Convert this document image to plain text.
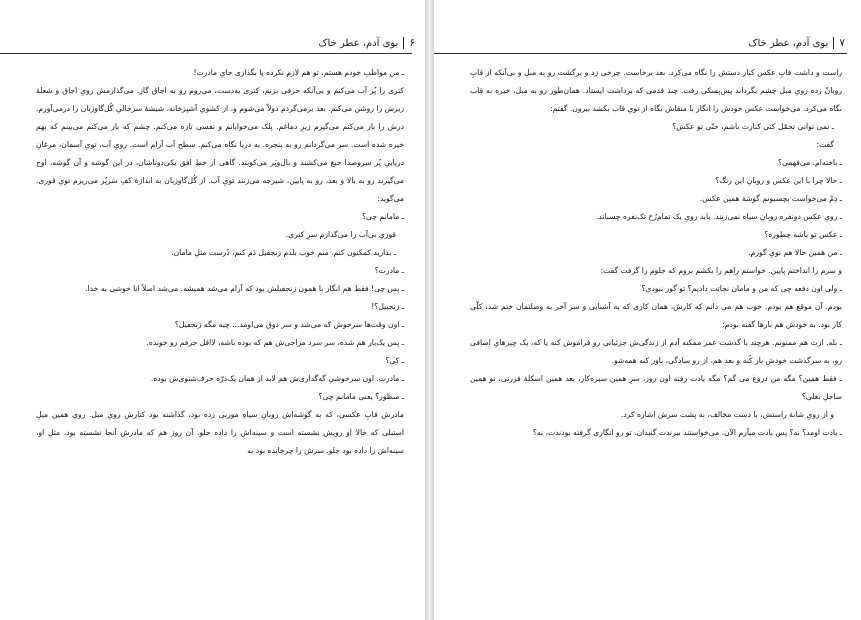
۶
بوی آدم، عطر خاک

ـ من مواظبِ خودم هستم. تو هم لازم نکرده پا بگذاری جایِ مادرت!

کتری را پُر آب می‌کنم و بی‌آنکه حرفی بزنم، کتری به‌دست، می‌روم رو به اجاق گاز. می‌گذارمش رویِ اجاق و شعلهٔ زیرش را روشن می‌کنم. بعد برمی‌گردم دولاّ می‌شوم و، از کشویِ آشپزخانه، شیشهٔ سرخالیِ گُل‌گاوزبان را درمی‌آورم. درش را باز می‌کنم می‌گیرم زیرِ دماغم. پلک می‌خوابانم و نفسی تازه می‌کنم. چشم که باز می‌کنم می‌بینم که بهم خیره شده است. سر می‌گردانم رو به پنجره. به دریا نگاه می‌کنم. سطح آب آرام است. رویِ آب، تویِ آسمان، مرغانِ دریاییِ پُر سروصدا جیغ می‌کشند و بال‌وپَر می‌کوبند. گاهی از خطِ افق یکی‌دوتاشان، در این گوشه و آن گوشه، اوج می‌گیرند رو به بالا و بعد، رو به پایین، شیرجه می‌زنند تویِ آب. از گُل‌گاوزبان به اندازهٔ کفِ سَرپُر می‌ریزم تویِ قوری. می‌گوید:

ـ مامانم چی؟

قوریِ بی‌آب را می‌گذارم سرِ کتری.

ـ بذارید کمکتون کنم. منم خوب بلدم زنجفیل دَم کنم، دُرست مثلِ مامان.

ـ مادرت؟

ـ پس چی! فقط هم انگار با همون زنجفیلش بود که آرام می‌شد همیشه. می‌شد اصلاً انا خوشی به خدا.

ـ زنجبیل؟!

ـ اون وقت‌ها سرخوش که می‌شد و سر ذوق می‌اومد... چیه مگه زنجفیل؟

ـ پس یک‌بار هم شده، سر سرد مزاجی‌ش هم که بوده باشه، لااقل حرفم رو خونده.

ـ کِی؟

ـ مادرت. اون سرخوشیِ گه‌گداری‌ش هم لابد از همان یک‌ذرّه حرف‌شنوی‌ش بوده.

ـ منظور؟ یعنی مامانم چی؟

مادرش قابِ عکسی، که به گوشه‌اش روبانِ سیاهِ موربی زده بود، گذاشته بود کنارش رویِ مبل. رویِ همین مبلِ استیلی که حالا او رویش نشسته است و سینه‌اش را داده جلو. آن روز هم که مادرش آنجا نشسته بود، مثلِ او، سینه‌اش را داده بود جلو. سرش را چرخانده بود به

۷
بوی آدم، عطر خاک

راست و داشت قابِ عکس کنار دستش را نگاه می‌کرد. بعد برخاست. چرخی زد و برگشت رو به مبل و بی‌آنکه از قابِ روبانْ زده رویِ مبل چشم بگرداند پس‌پسکی رفت. چند قدمی که برداشت ایستاد. همان‌طور رو به مبل، خیره به قاب نگاه می‌کرد. می‌خواست عکس خودش را انگار با منقاش نگاه از تویِ قاب بکشد بیرون. گفتم:

ـ نمی‌ توانی تحمّل کنی کنارت باشم، حتّی تو عکس؟

گفت:

ـ باخته‌ام. می‌فهمی؟

ـ حالا چرا با این عکس و روبانِ این رنگ؟

ـ دِمْ می‌خواست بچسبونم گوشهٔ همین عکس.

ـ رویِ عکس دونفره روبانِ سیاه نمی‌زنند. باید رویِ یک تمام‌رُخ تک‌نفره چسباند.

ـ عکس تو باشه چطوره؟

ـ من همین حالا هم تویِ گورم.

و سرم را انداختم پایین. خواستم راهم را بکشم بروم که جلوم را گرفت گفت:

ـ ولی اون دفعه چی که من و مامان نجاتت دادیم؟ تو گور نبودی؟

بودم. آن موقع هم بودم. خوب هم می دانم که کارش، همان کاری که به آشنایی و سر آخر به وصلتمان ختم شد، کلّی کار بود. به خودش هم بارها گفته بودم:

ـ بله. ازت هم ممنونم. هرچند با گذشت عمر ممکنه آدم از زندگی‌ش جزئیاتی رو فراموش کنه یا که، یک چیزهایِ اضافی رو، به سرگذشت خودش بار کُنه و بعد هم، از رو سادگی، باور کنه همه‌شو.

ـ فقط همین؟ مگه من دروغ می گم؟ مگه یادت رفته اون روز، سرِ همین سبزه‌کار، بعد همین اسکلهٔ فزرتی، تو همین ساحلِ بغلی؟

و از رویِ شانهٔ راستش، با دست مخالف، به پشت سرش اشاره کرد.

ـ یادت اومد؟ نه؟ پس یادت میآرم الآن. می‌خواستند ببرندت گنبدان. تو رو انگاری گرفته بودندت، نه؟
